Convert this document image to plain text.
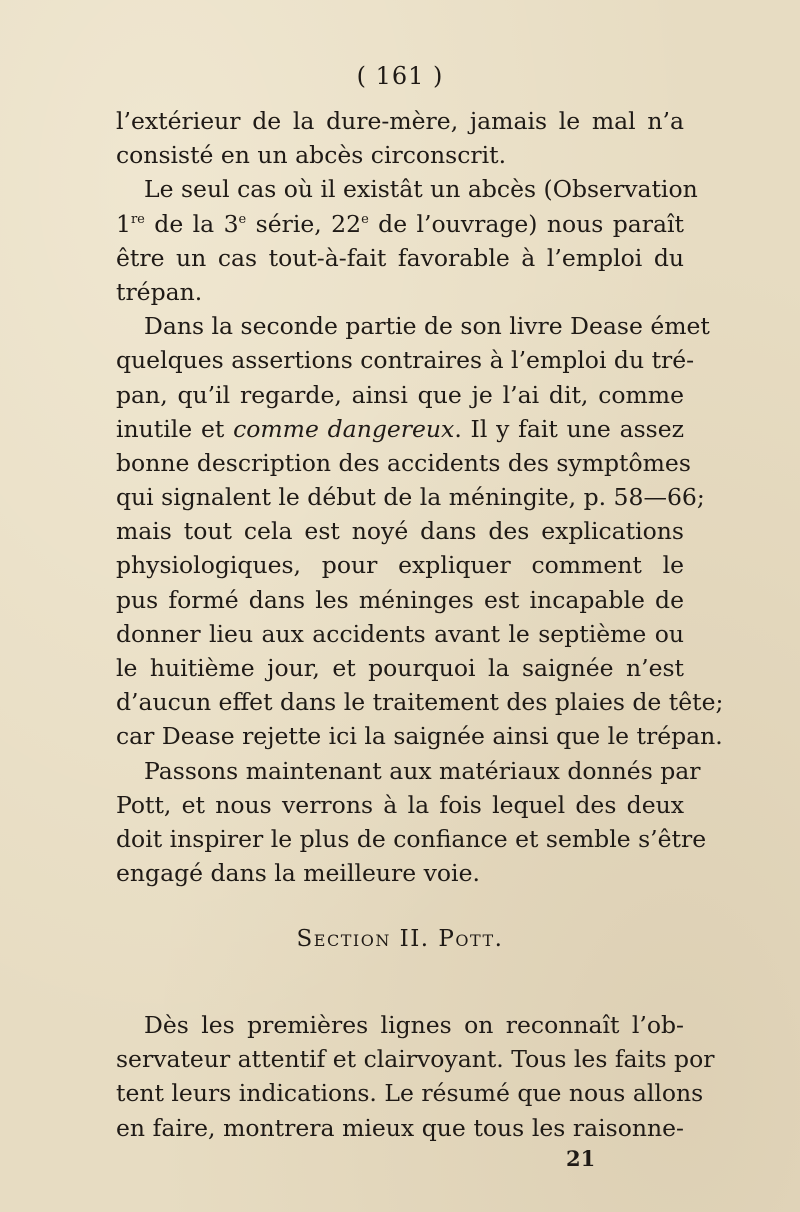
( 161 )
l’extérieur de la dure-mère, jamais le mal n’a
consisté en un abcès circonscrit.
Le seul cas où il existât un abcès (Observation
1re de la 3e série, 22e de l’ouvrage) nous paraît
être un cas tout-à-fait favorable à l’emploi du
trépan.
Dans la seconde partie de son livre Dease émet
quelques assertions contraires à l’emploi du tré-
pan, qu’il regarde, ainsi que je l’ai dit, comme
inutile et comme dangereux. Il y fait une assez
bonne description des accidents des symptômes
qui signalent le début de la méningite, p. 58—66;
mais tout cela est noyé dans des explications
physiologiques, pour expliquer comment le
pus formé dans les méninges est incapable de
donner lieu aux accidents avant le septième ou
le huitième jour, et pourquoi la saignée n’est
d’aucun effet dans le traitement des plaies de tête;
car Dease rejette ici la saignée ainsi que le trépan.
Passons maintenant aux matériaux donnés par
Pott, et nous verrons à la fois lequel des deux
doit inspirer le plus de confiance et semble s’être
engagé dans la meilleure voie.
Section II. Pott.
Dès les premières lignes on reconnaît l’ob-
servateur attentif et clairvoyant. Tous les faits por
tent leurs indications. Le résumé que nous allons
en faire, montrera mieux que tous les raisonne-
21
